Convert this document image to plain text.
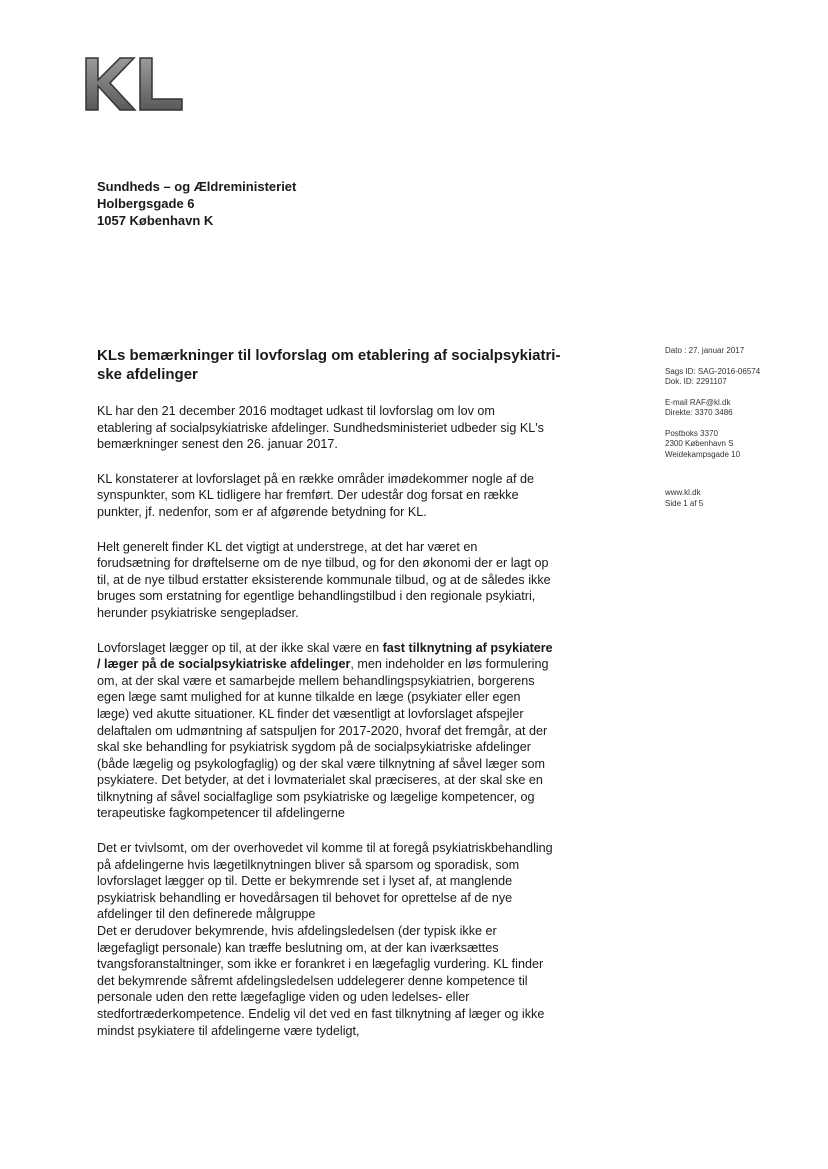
Sundheds – og Ældreministeriet
Holbergsgade 6
1057 København K
KLs bemærkninger til lovforslag om etablering af socialpsykiatri-ske afdelinger
Dato : 27. januar 2017
Sags ID: SAG-2016-06574
Dok. ID: 2291107
E-mail RAF@kl.dk
Direkte: 3370 3486
Postboks 3370
2300 København S
Weidekampsgade 10
www.kl.dk
Side 1 af 5

KL har den 21 december 2016 modtaget udkast til lovforslag om lov om etablering af socialpsykiatriske afdelinger. Sundhedsministeriet udbeder sig KL's bemærkninger senest den 26. januar 2017.

KL konstaterer at lovforslaget på en række områder imødekommer nogle af de synspunkter, som KL tidligere har fremført. Der udestår dog forsat en række punkter, jf. nedenfor, som er af afgørende betydning for KL.

Helt generelt finder KL det vigtigt at understrege, at det har været en forudsætning for drøftelserne om de nye tilbud, og for den økonomi der er lagt op til, at de nye tilbud erstatter eksisterende kommunale tilbud, og at de således ikke bruges som erstatning for egentlige behandlingstilbud i den regionale psykiatri, herunder psykiatriske sengepladser.

Lovforslaget lægger op til, at der ikke skal være en fast tilknytning af psykiatere / læger på de socialpsykiatriske afdelinger, men indeholder en løs formulering om, at der skal være et samarbejde mellem behandlingspsykiatrien, borgerens egen læge samt mulighed for at kunne tilkalde en læge (psykiater eller egen læge) ved akutte situationer. KL finder det væsentligt at lovforslaget afspejler delaftalen om udmøntning af satspuljen for 2017-2020, hvoraf det fremgår, at der skal ske behandling for psykiatrisk sygdom på de socialpsykiatriske afdelinger (både lægelig og psykologfaglig) og der skal være tilknytning af såvel læger som psykiatere. Det betyder, at det i lovmaterialet skal præciseres, at der skal ske en tilknytning af såvel socialfaglige som psykiatriske og lægelige kompetencer, og terapeutiske fagkompetencer til afdelingerne

Det er tvivlsomt, om der overhovedet vil komme til at foregå psykiatriskbehandling på afdelingerne hvis lægetilknytningen bliver så sparsom og sporadisk, som lovforslaget lægger op til. Dette er bekymrende set i lyset af, at manglende psykiatrisk behandling er hovedårsagen til behovet for oprettelse af de nye afdelinger til den definerede målgruppe

Det er derudover bekymrende, hvis afdelingsledelsen (der typisk ikke er lægefagligt personale) kan træffe beslutning om, at der kan iværksættes tvangsforanstaltninger, som ikke er forankret i en lægefaglig vurdering. KL finder det bekymrende såfremt afdelingsledelsen uddelegerer denne kompetence til personale uden den rette lægefaglige viden og uden ledelses- eller stedfortræderkompetence. Endelig vil det ved en fast tilknytning af læger og ikke mindst psykiatere til afdelingerne være tydeligt,
